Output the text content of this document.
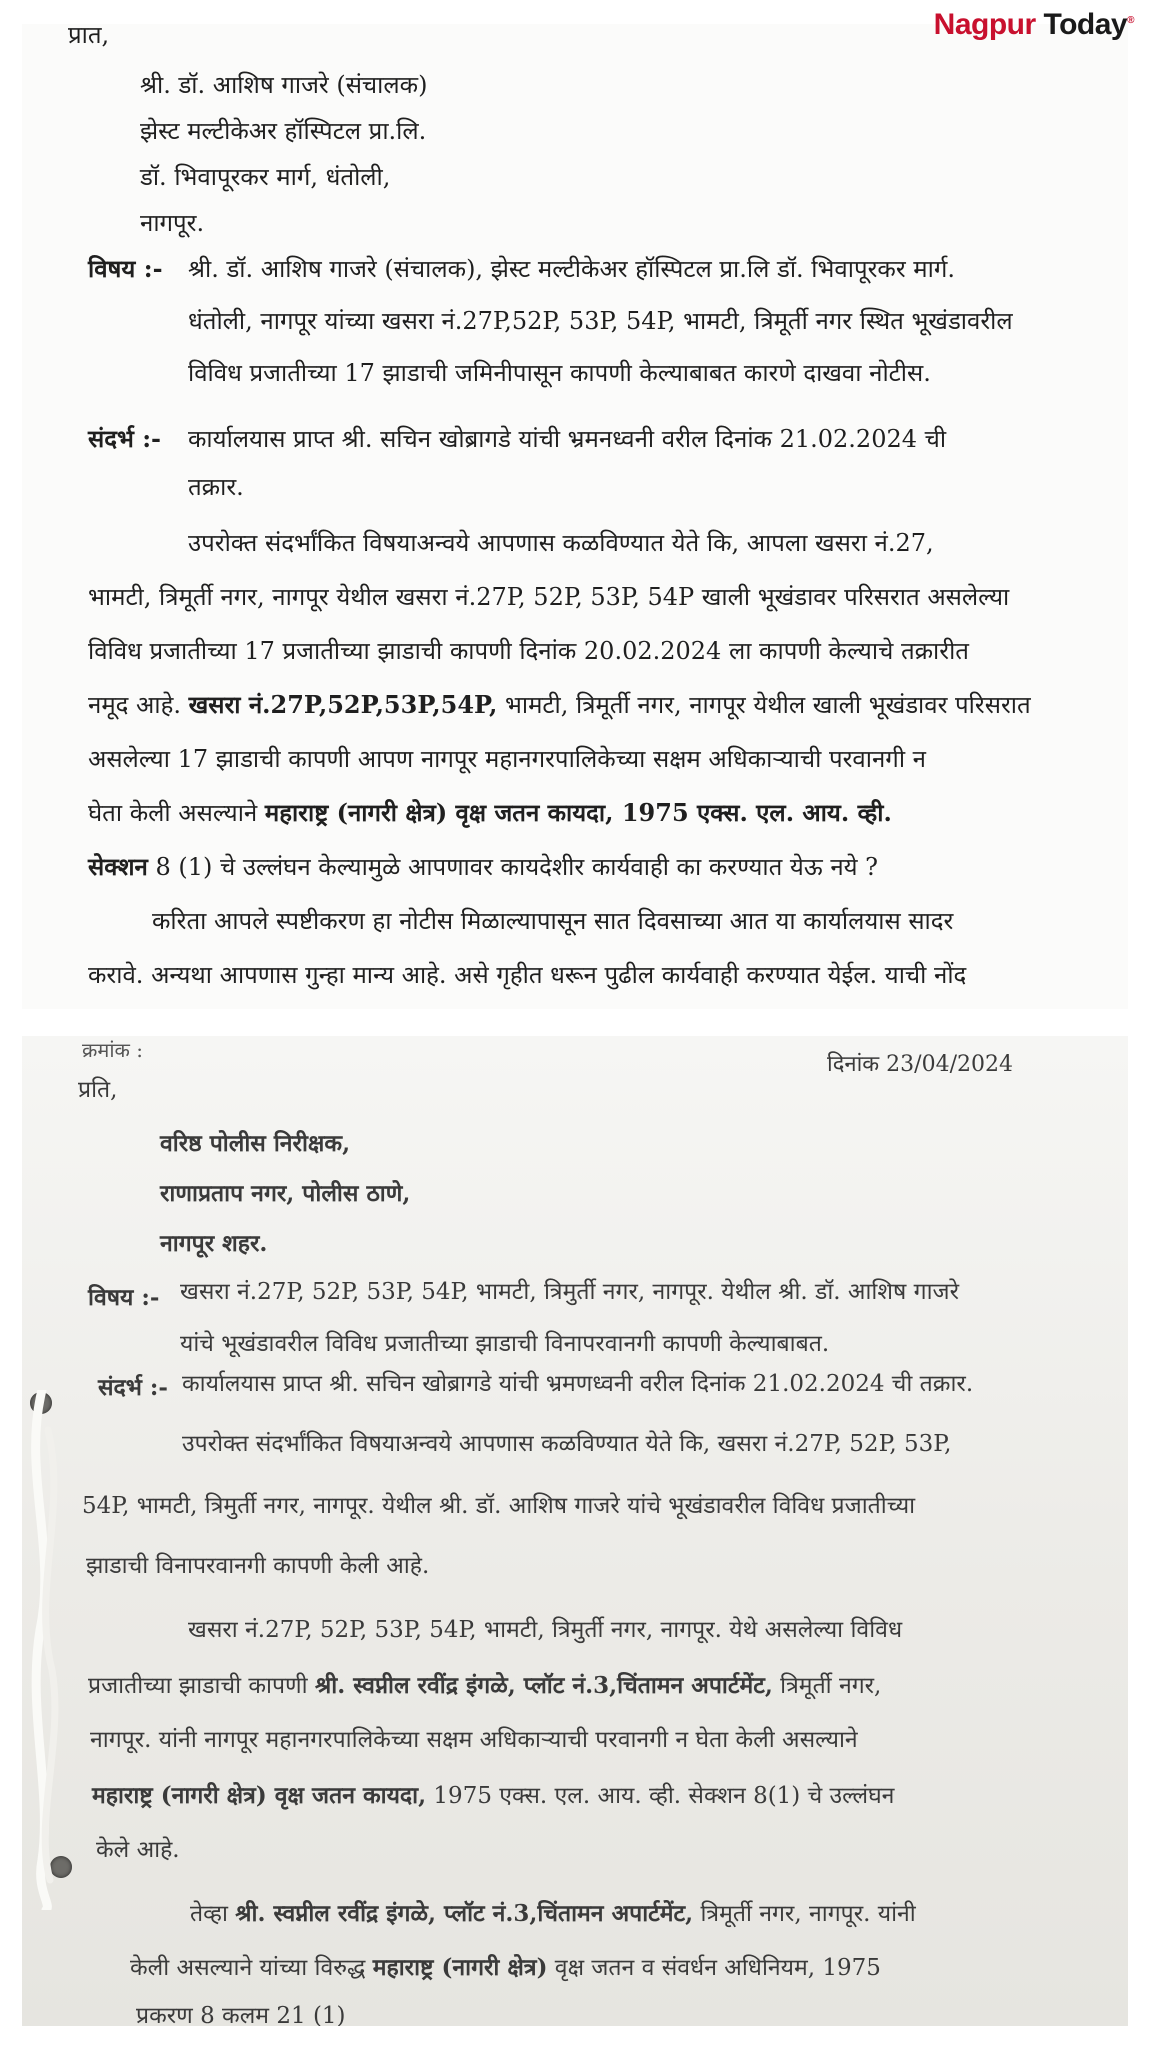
प्रात,
श्री. डॉ. आशिष गाजरे (संचालक)
झेस्ट मल्टीकेअर हॉस्पिटल प्रा.लि.
डॉ. भिवापूरकर मार्ग, धंतोली,
नागपूर.
विषय :- श्री. डॉ. आशिष गाजरे (संचालक), झेस्ट मल्टीकेअर हॉस्पिटल प्रा.लि डॉ. भिवापूरकर मार्ग.
धंतोली, नागपूर यांच्या खसरा नं.27P,52P, 53P, 54P, भामटी, त्रिमूर्ती नगर स्थित भूखंडावरील
विविध प्रजातीच्या 17 झाडाची जमिनीपासून कापणी केल्याबाबत कारणे दाखवा नोटीस.
संदर्भ :- कार्यालयास प्राप्त श्री. सचिन खोब्रागडे यांची भ्रमनध्वनी वरील दिनांक 21.02.2024 ची
तक्रार.
उपरोक्त संदर्भांकित विषयाअन्वये आपणास कळविण्यात येते कि, आपला खसरा नं.27,
भामटी, त्रिमूर्ती नगर, नागपूर येथील खसरा नं.27P, 52P, 53P, 54P खाली भूखंडावर परिसरात असलेल्या
विविध प्रजातीच्या 17 प्रजातीच्या झाडाची कापणी दिनांक 20.02.2024 ला कापणी केल्याचे तक्रारीत
नमूद आहे. खसरा नं.27P,52P,53P,54P, भामटी, त्रिमूर्ती नगर, नागपूर येथील खाली भूखंडावर परिसरात
असलेल्या 17 झाडाची कापणी आपण नागपूर महानगरपालिकेच्या सक्षम अधिकाऱ्याची परवानगी न
घेता केली असल्याने महाराष्ट्र (नागरी क्षेत्र) वृक्ष जतन कायदा, 1975 एक्स. एल. आय. व्ही.
सेक्शन 8 (1) चे उल्लंघन केल्यामुळे आपणावर कायदेशीर कार्यवाही का करण्यात येऊ नये ?
करिता आपले स्पष्टीकरण हा नोटीस मिळाल्यापासून सात दिवसाच्या आत या कार्यालयास सादर
करावे. अन्यथा आपणास गुन्हा मान्य आहे. असे गृहीत धरून पुढील कार्यवाही करण्यात येईल. याची नोंद
Nagpur Today®
क्रमांक :
दिनांक 23/04/2024
प्रति,
वरिष्ठ पोलीस निरीक्षक,
राणाप्रताप नगर, पोलीस ठाणे,
नागपूर शहर.
विषय :- खसरा नं.27P, 52P, 53P, 54P, भामटी, त्रिमुर्ती नगर, नागपूर. येथील श्री. डॉ. आशिष गाजरे
यांचे भूखंडावरील विविध प्रजातीच्या झाडाची विनापरवानगी कापणी केल्याबाबत.
संदर्भ :- कार्यालयास प्राप्त श्री. सचिन खोब्रागडे यांची भ्रमणध्वनी वरील दिनांक 21.02.2024 ची तक्रार.
उपरोक्त संदर्भांकित विषयाअन्वये आपणास कळविण्यात येते कि, खसरा नं.27P, 52P, 53P,
54P, भामटी, त्रिमुर्ती नगर, नागपूर. येथील श्री. डॉ. आशिष गाजरे यांचे भूखंडावरील विविध प्रजातीच्या
झाडाची विनापरवानगी कापणी केली आहे.
खसरा नं.27P, 52P, 53P, 54P, भामटी, त्रिमुर्ती नगर, नागपूर. येथे असलेल्या विविध
प्रजातीच्या झाडाची कापणी श्री. स्वप्नील रवींद्र इंगळे, प्लॉट नं.3,चिंतामन अपार्टमेंट, त्रिमूर्ती नगर,
नागपूर. यांनी नागपूर महानगरपालिकेच्या सक्षम अधिकाऱ्याची परवानगी न घेता केली असल्याने
महाराष्ट्र (नागरी क्षेत्र) वृक्ष जतन कायदा, 1975 एक्स. एल. आय. व्ही. सेक्शन 8(1) चे उल्लंघन
केले आहे.
तेव्हा श्री. स्वप्नील रवींद्र इंगळे, प्लॉट नं.3,चिंतामन अपार्टमेंट, त्रिमूर्ती नगर, नागपूर. यांनी
केली असल्याने यांच्या विरुद्ध महाराष्ट्र (नागरी क्षेत्र) वृक्ष जतन व संवर्धन अधिनियम, 1975
प्रकरण 8 कलम 21 (1)
